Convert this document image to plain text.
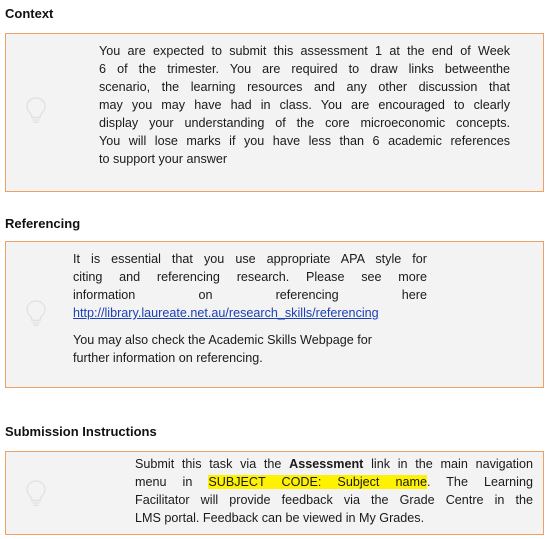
Context
You are expected to submit this assessment 1 at the end of Week
6 of the trimester. You are required to draw links betweenthe
scenario, the learning resources and any other discussion that
may you may have had in class. You are encouraged to clearly
display your understanding of the core microeconomic concepts.
You will lose marks if you have less than 6 academic references
to support your answer
Referencing
It is essential that you use appropriate APA style for
citing and referencing research. Please see more
information	on	referencing	here
http://library.laureate.net.au/research_skills/referencing
You may also check the Academic Skills Webpage for
further information on referencing.
Submission Instructions
Submit this task via the Assessment link in the main navigation
menu in SUBJECT CODE: Subject name. The Learning
Facilitator will provide feedback via the Grade Centre in the
LMS portal. Feedback can be viewed in My Grades.
